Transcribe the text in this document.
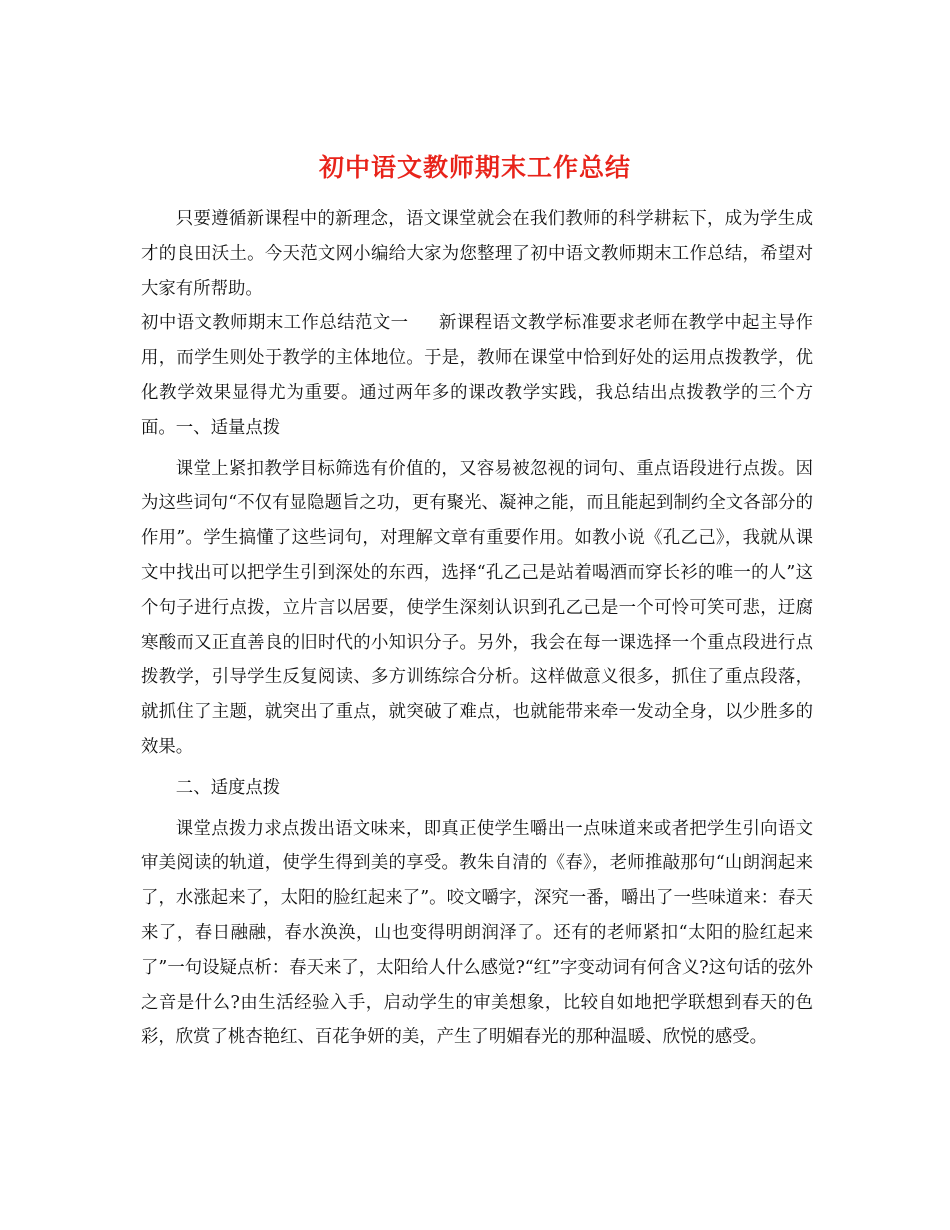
初中语文教师期末工作总结

只要遵循新课程中的新理念，语文课堂就会在我们教师的科学耕耘下，成为学生成才的良田沃土。今天范文网小编给大家为您整理了初中语文教师期末工作总结，希望对大家有所帮助。

初中语文教师期末工作总结范文一 新课程语文教学标准要求老师在教学中起主导作用，而学生则处于教学的主体地位。于是，教师在课堂中恰到好处的运用点拨教学，优化教学效果显得尤为重要。通过两年多的课改教学实践，我总结出点拨教学的三个方面。一、适量点拨

课堂上紧扣教学目标筛选有价值的，又容易被忽视的词句、重点语段进行点拨。因为这些词句“不仅有显隐题旨之功，更有聚光、凝神之能，而且能起到制约全文各部分的作用”。学生搞懂了这些词句，对理解文章有重要作用。如教小说《孔乙己》，我就从课文中找出可以把学生引到深处的东西，选择“孔乙己是站着喝酒而穿长衫的唯一的人”这个句子进行点拨，立片言以居要，使学生深刻认识到孔乙己是一个可怜可笑可悲，迂腐寒酸而又正直善良的旧时代的小知识分子。另外，我会在每一课选择一个重点段进行点拨教学，引导学生反复阅读、多方训练综合分析。这样做意义很多，抓住了重点段落，就抓住了主题，就突出了重点，就突破了难点，也就能带来牵一发动全身，以少胜多的效果。

二、适度点拨

课堂点拨力求点拨出语文味来，即真正使学生嚼出一点味道来或者把学生引向语文审美阅读的轨道，使学生得到美的享受。教朱自清的《春》，老师推敲那句“山朗润起来了，水涨起来了，太阳的脸红起来了”。咬文嚼字，深究一番，嚼出了一些味道来：春天来了，春日融融，春水涣涣，山也变得明朗润泽了。还有的老师紧扣“太阳的脸红起来了”一句设疑点析：春天来了，太阳给人什么感觉?“红”字变动词有何含义?这句话的弦外之音是什么?由生活经验入手，启动学生的审美想象，比较自如地把学联想到春天的色彩，欣赏了桃杏艳红、百花争妍的美，产生了明媚春光的那种温暖、欣悦的感受。
